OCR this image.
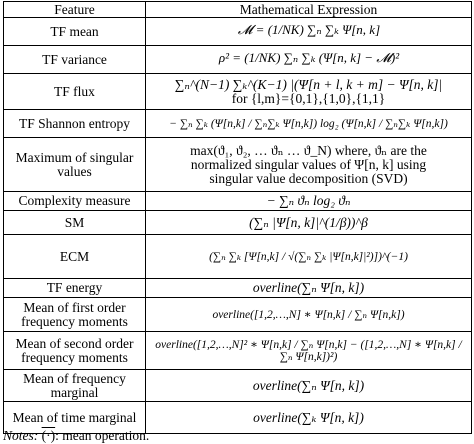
Feature	Mathematical Expression
TF mean	𝓜 = (1/NK) ∑ₙ ∑ₖ Ψ[n, k]

TF variance	ρ² = (1/NK) ∑ₙ ∑ₖ (Ψ[n, k] − 𝓜)²

TF flux	∑ₙ^(N−1) ∑ₖ^(K−1) |(Ψ[n + l, k + m] − Ψ[n, k]|
for {l,m}={0,1},{1,0},{1,1}

TF Shannon entropy	− ∑ₙ ∑ₖ (Ψ[n,k] / ∑ₙ∑ₖ Ψ[n,k]) log₂ (Ψ[n,k] / ∑ₙ∑ₖ Ψ[n,k])

Maximum of singular values	max(ϑ₁, ϑ₂, … ϑₙ … ϑ_N) where, ϑₙ are the
normalized singular values of Ψ[n, k] using
singular value decomposition (SVD)

Complexity measure	− ∑ₙ ϑₙ log₂ ϑₙ

SM	(∑ₙ |Ψ[n, k]|^(1/β))^β

ECM	(∑ₙ ∑ₖ [Ψ[n,k] / √(∑ₙ ∑ₖ |Ψ[n,k]|²)])^(−1)

TF energy	overline(∑ₙ Ψ[n, k])

Mean of first order frequency moments	overline([1,2,…,N] ∗ Ψ[n,k] / ∑ₙ Ψ[n,k])

Mean of second order frequency moments	overline([1,2,…,N]² ∗ Ψ[n,k] / ∑ₙ Ψ[n,k] − ([1,2,…,N] ∗ Ψ[n,k] / ∑ₙ Ψ[n,k])²)

Mean of frequency marginal	overline(∑ₙ Ψ[n, k])

Mean of time marginal	overline(∑ₖ Ψ[n, k])
Notes: (·): mean operation.
